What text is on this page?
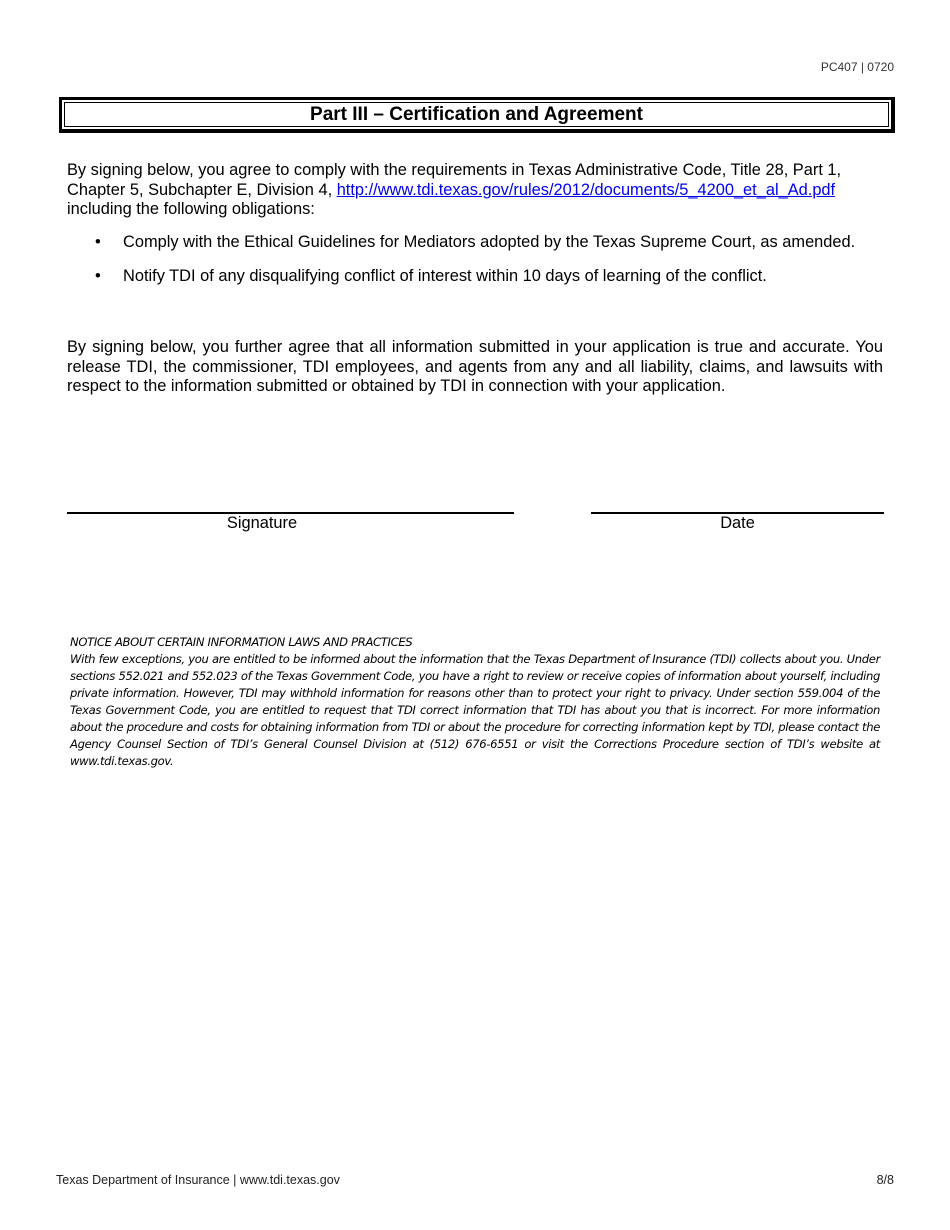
PC407 | 0720
Part III – Certification and Agreement
By signing below, you agree to comply with the requirements in Texas Administrative Code, Title 28, Part 1, Chapter 5, Subchapter E, Division 4, http://www.tdi.texas.gov/rules/2012/documents/5_4200_et_al_Ad.pdf including the following obligations:
• Comply with the Ethical Guidelines for Mediators adopted by the Texas Supreme Court, as amended.
• Notify TDI of any disqualifying conflict of interest within 10 days of learning of the conflict.
By signing below, you further agree that all information submitted in your application is true and accurate. You release TDI, the commissioner, TDI employees, and agents from any and all liability, claims, and lawsuits with respect to the information submitted or obtained by TDI in connection with your application.
Signature	Date
NOTICE ABOUT CERTAIN INFORMATION LAWS AND PRACTICES
With few exceptions, you are entitled to be informed about the information that the Texas Department of Insurance (TDI) collects about you. Under sections 552.021 and 552.023 of the Texas Government Code, you have a right to review or receive copies of information about yourself, including private information. However, TDI may withhold information for reasons other than to protect your right to privacy. Under section 559.004 of the Texas Government Code, you are entitled to request that TDI correct information that TDI has about you that is incorrect. For more information about the procedure and costs for obtaining information from TDI or about the procedure for correcting information kept by TDI, please contact the Agency Counsel Section of TDI’s General Counsel Division at (512) 676-6551 or visit the Corrections Procedure section of TDI’s website at www.tdi.texas.gov.
Texas Department of Insurance | www.tdi.texas.gov	8/8
